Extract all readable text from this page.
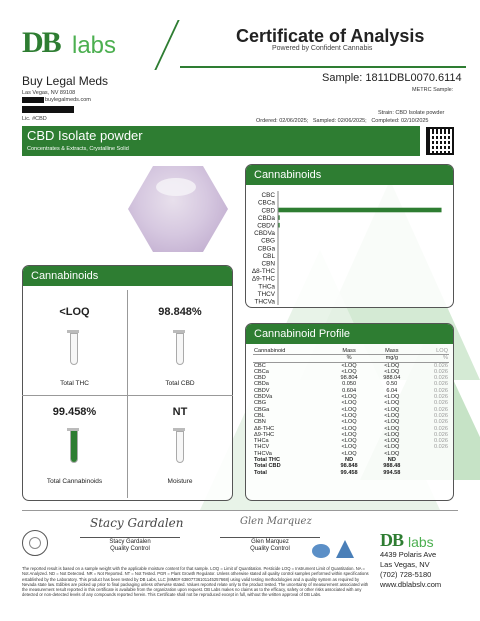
DB labs	Certificate of Analysis
Powered by Confident Cannabis
Buy Legal Meds
Las Vegas, NV 89108
buylegalmeds.com
Lic. #CBD
Sample: 1811DBL0070.6114
METRC Sample:
Strain: CBD Isolate powder
Ordered: 02/06/2025; Sampled: 02/06/2025; Completed: 02/10/2025
CBD Isolate powder
Concentrates & Extracts, Crystalline Solid
Cannabinoids
CBC
CBCa
CBD
CBDa
CBDV
CBDVa
CBG
CBGa
CBL
CBN
Δ8-THC
Δ9-THC
THCa
THCV
THCVa
Cannabinoids
<LOQ
Total THC
98.848%
Total CBD
99.458%
Total Cannabinoids
NT
Moisture
Cannabinoid Profile
Cannabinoid	Mass	Mass	LOQ
	%	mg/g	%
CBC	<LOQ	<LOQ	0.026
CBCa	<LOQ	<LOQ	0.026
CBD	98.804	988.04	0.026
CBDa	0.050	0.50	0.026
CBDV	0.604	6.04	0.026
CBDVa	<LOQ	<LOQ	0.026
CBG	<LOQ	<LOQ	0.026
CBGa	<LOQ	<LOQ	0.026
CBL	<LOQ	<LOQ	0.026
CBN	<LOQ	<LOQ	0.026
Δ8-THC	<LOQ	<LOQ	0.026
Δ9-THC	<LOQ	<LOQ	0.026
THCa	<LOQ	<LOQ	0.026
THCV	<LOQ	<LOQ	0.026
THCVa	<LOQ	<LOQ	
Total THC	ND	ND	
Total CBD	98.848	988.48	
Total	99.458	994.58	
Stacy Gardalen
Stacy Gardalen
Quality Control
Glen Marquez
Glen Marquez
Quality Control	DB labs
4439 Polaris Ave
Las Vegas, NV
(702) 728-5180
www.dblabslv.com
The reported result is based on a sample weight with the applicable moisture content for that sample. LOQ = Limit of Quantitation. Pesticide LOQ = Instrument Limit of Quantitation. NA = Not Analyzed. ND = Not Detected. NR = Not Reported. NT = Not Tested. PGR = Plant Growth Regulator. Unless otherwise stated all quality control samples performed within specifications established by the Laboratory. This product has been tested by DB Labs, LLC (MME# 63807736101145257668) using valid testing methodologies and a quality system as required by Nevada state law. Edibles are picked up prior to final packaging unless otherwise stated. Values reported relate only to the product tested. The uncertainty of measurement associated with the measurement result reported in this certificate is available from the organization upon request. DB Labs makes no claims as to the efficacy, safety or other risks associated with any detected or non-detected levels of any compounds reported herein. This Certificate shall not be reproduced except in full, without the written approval of DB Labs.
